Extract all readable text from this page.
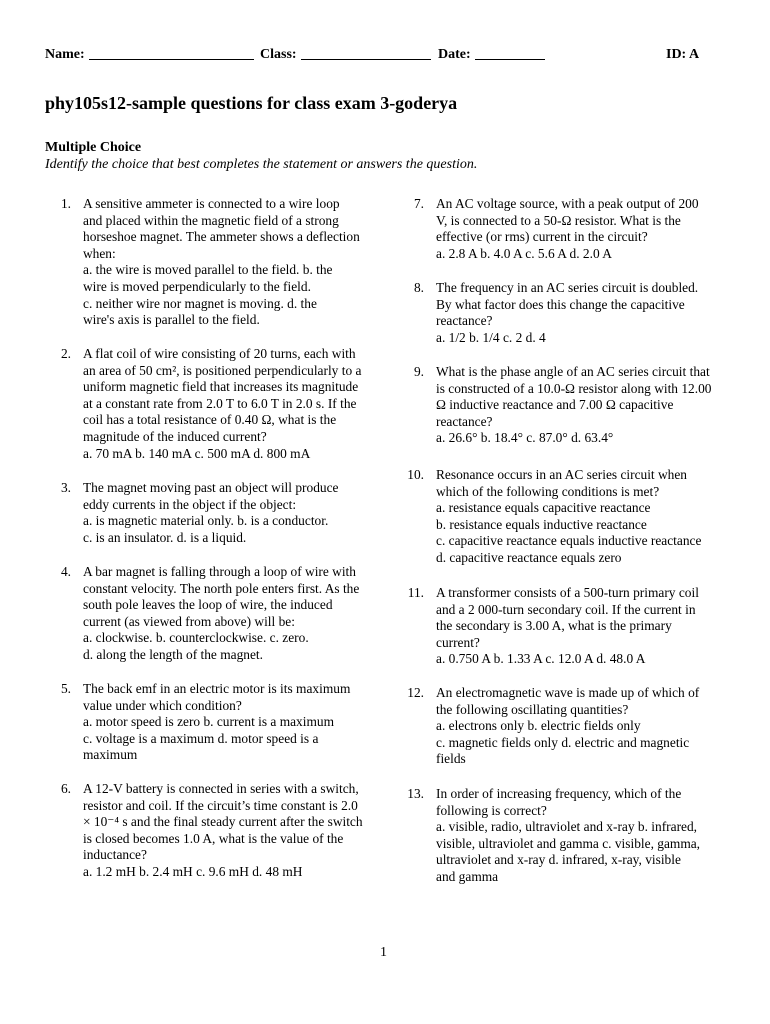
Name:	Class:	Date:	ID: A
phy105s12-sample questions for class exam 3-goderya
Multiple Choice
Identify the choice that best completes the statement or answers the question.
1. A sensitive ammeter is connected to a wire loop
and placed within the magnetic field of a strong
horseshoe magnet. The ammeter shows a deflection
when:
a. the wire is moved parallel to the field. b. the
wire is moved perpendicularly to the field.
c. neither wire nor magnet is moving. d. the
wire's axis is parallel to the field.
2. A flat coil of wire consisting of 20 turns, each with
an area of 50 cm², is positioned perpendicularly to a
uniform magnetic field that increases its magnitude
at a constant rate from 2.0 T to 6.0 T in 2.0 s. If the
coil has a total resistance of 0.40 Ω, what is the
magnitude of the induced current?
a. 70 mA b. 140 mA c. 500 mA d. 800 mA
3. The magnet moving past an object will produce
eddy currents in the object if the object:
a. is magnetic material only. b. is a conductor.
c. is an insulator. d. is a liquid.
4. A bar magnet is falling through a loop of wire with
constant velocity. The north pole enters first. As the
south pole leaves the loop of wire, the induced
current (as viewed from above) will be:
a. clockwise. b. counterclockwise. c. zero.
d. along the length of the magnet.
5. The back emf in an electric motor is its maximum
value under which condition?
a. motor speed is zero b. current is a maximum
c. voltage is a maximum d. motor speed is a
maximum
6. A 12-V battery is connected in series with a switch,
resistor and coil. If the circuit’s time constant is 2.0
× 10⁻⁴ s and the final steady current after the switch
is closed becomes 1.0 A, what is the value of the
inductance?
a. 1.2 mH b. 2.4 mH c. 9.6 mH d. 48 mH
7. An AC voltage source, with a peak output of 200
V, is connected to a 50-Ω resistor. What is the
effective (or rms) current in the circuit?
a. 2.8 A b. 4.0 A c. 5.6 A d. 2.0 A
8. The frequency in an AC series circuit is doubled.
By what factor does this change the capacitive
reactance?
a. 1/2 b. 1/4 c. 2 d. 4
9. What is the phase angle of an AC series circuit that
is constructed of a 10.0-Ω resistor along with 12.00
Ω inductive reactance and 7.00 Ω capacitive
reactance?
a. 26.6° b. 18.4° c. 87.0° d. 63.4°
10. Resonance occurs in an AC series circuit when
which of the following conditions is met?
a. resistance equals capacitive reactance
b. resistance equals inductive reactance
c. capacitive reactance equals inductive reactance
d. capacitive reactance equals zero
11. A transformer consists of a 500-turn primary coil
and a 2 000-turn secondary coil. If the current in
the secondary is 3.00 A, what is the primary
current?
a. 0.750 A b. 1.33 A c. 12.0 A d. 48.0 A
12. An electromagnetic wave is made up of which of
the following oscillating quantities?
a. electrons only b. electric fields only
c. magnetic fields only d. electric and magnetic
fields
13. In order of increasing frequency, which of the
following is correct?
a. visible, radio, ultraviolet and x-ray b. infrared,
visible, ultraviolet and gamma c. visible, gamma,
ultraviolet and x-ray d. infrared, x-ray, visible
and gamma
1
